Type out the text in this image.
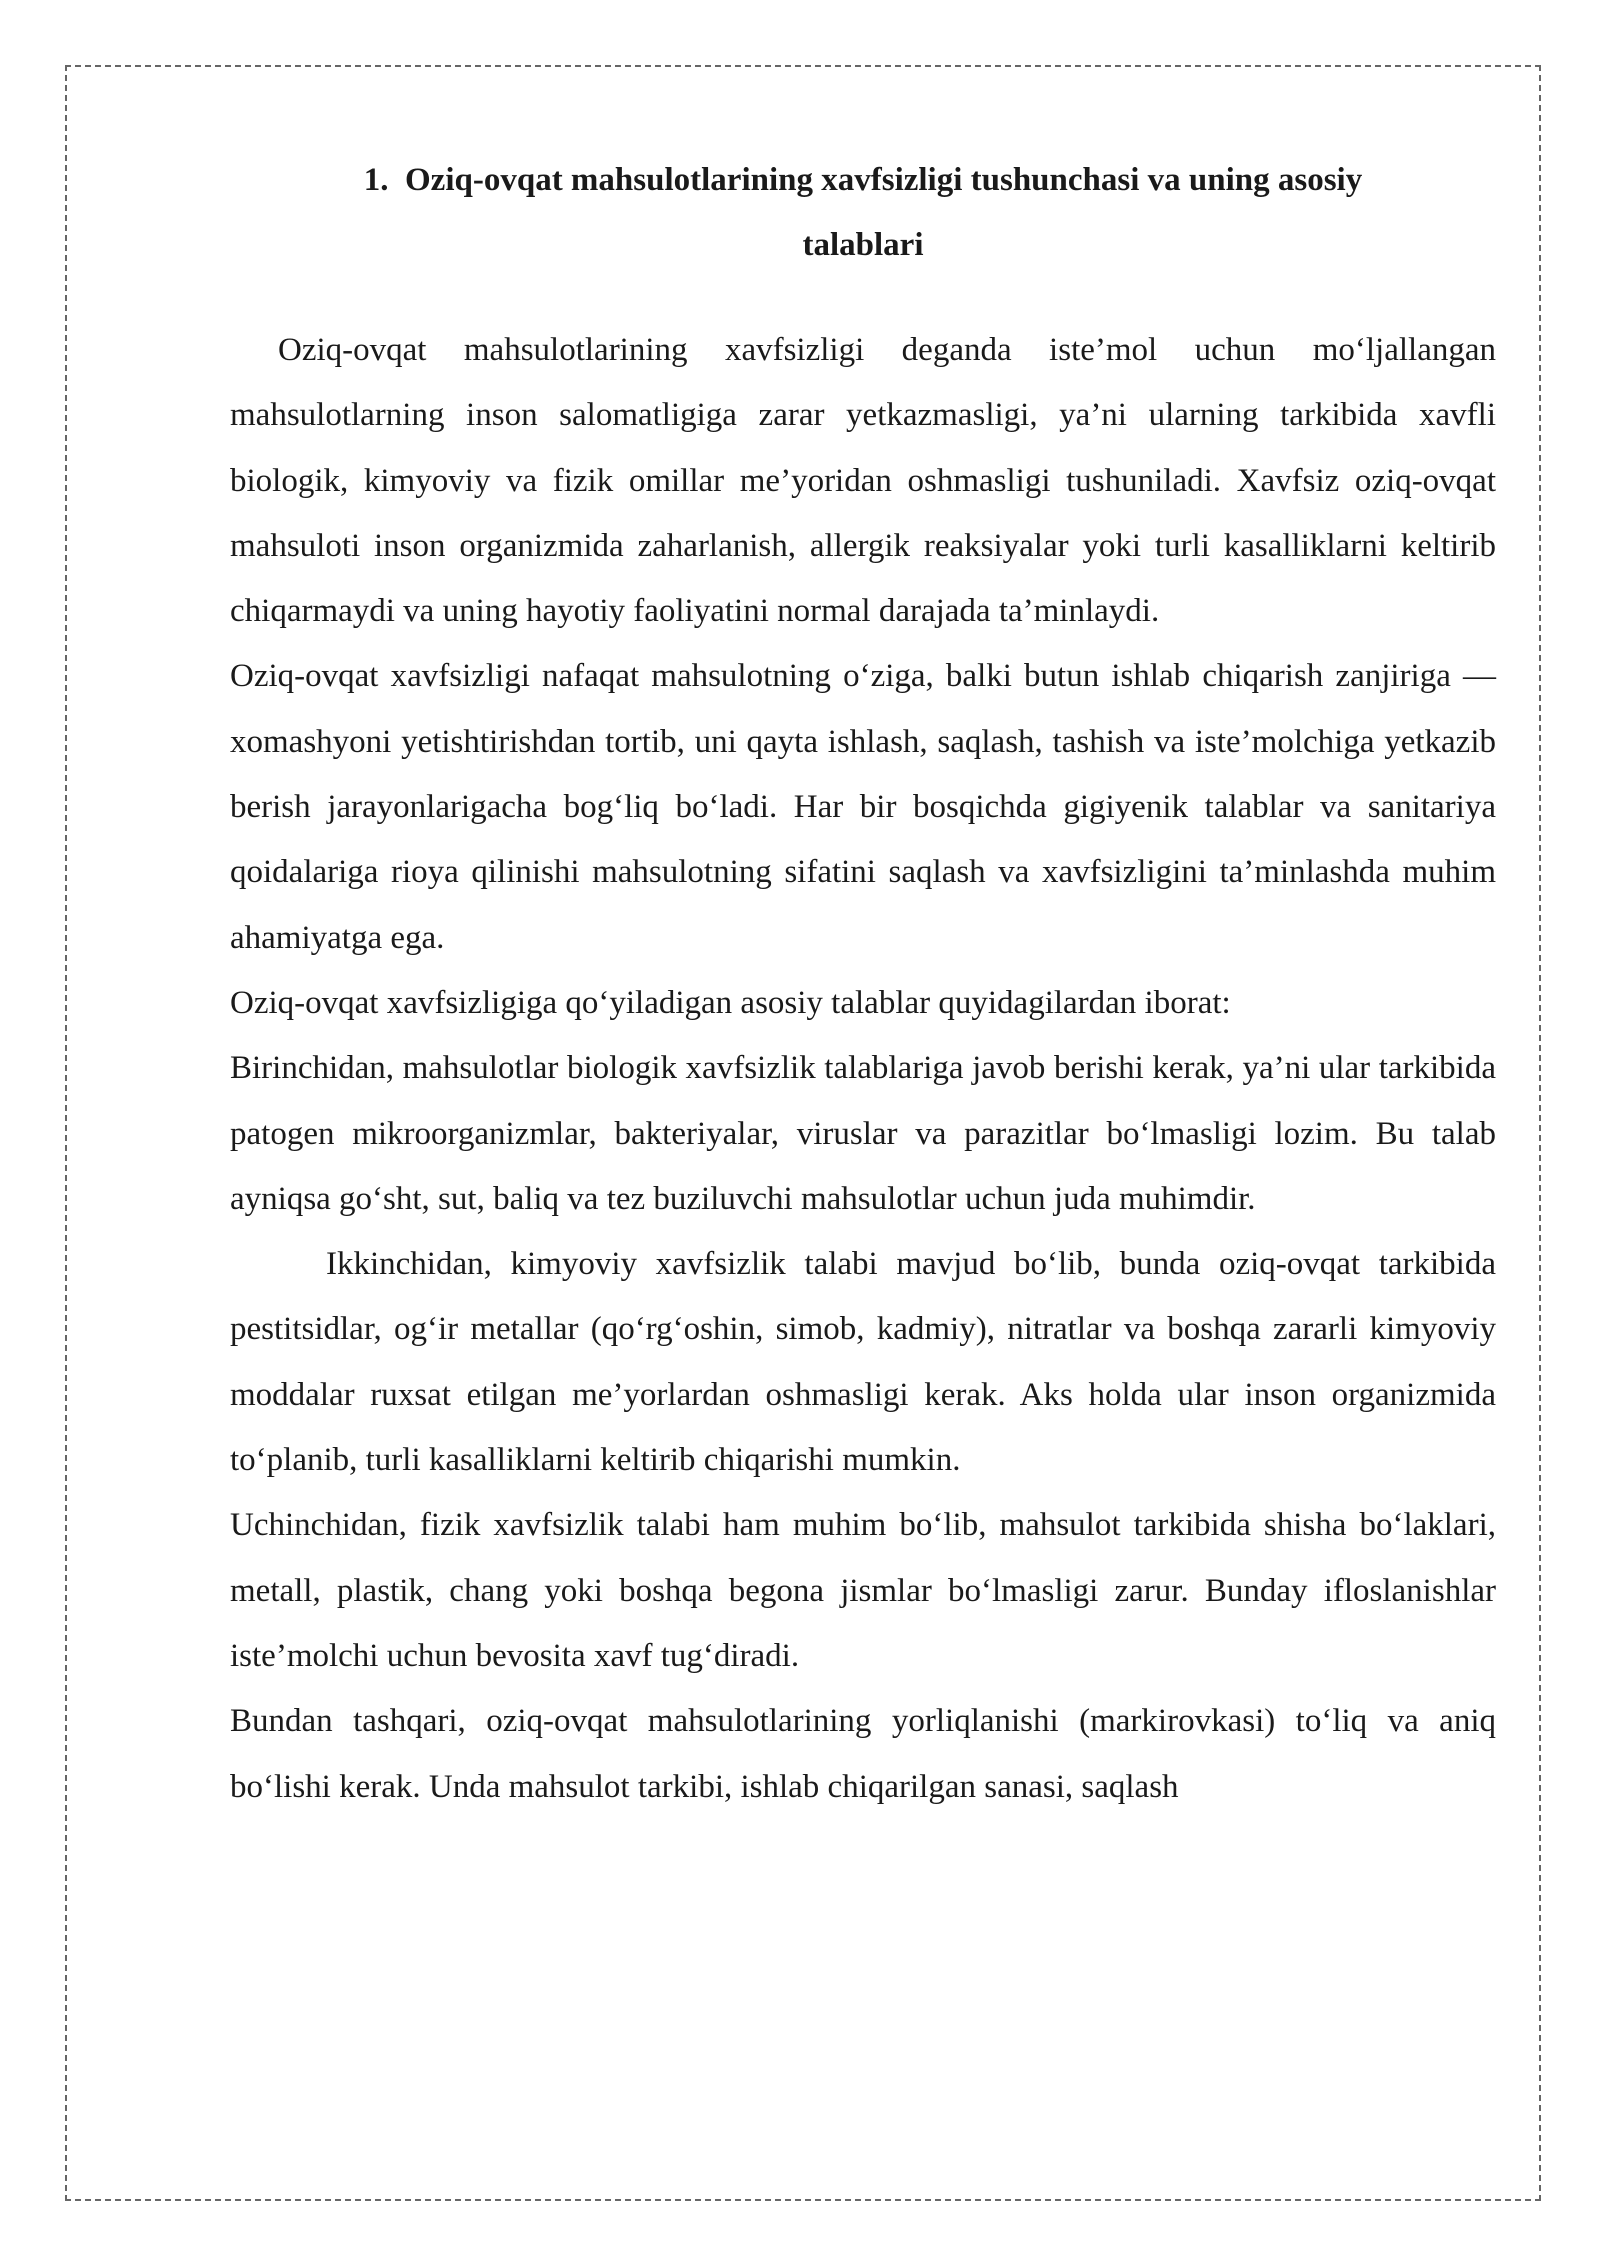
1. Oziq-ovqat mahsulotlarining xavfsizligi tushunchasi va uning asosiy
talablari

Oziq-ovqat mahsulotlarining xavfsizligi deganda iste’mol uchun mo‘ljallangan mahsulotlarning inson salomatligiga zarar yetkazmasligi, ya’ni ularning tarkibida xavfli biologik, kimyoviy va fizik omillar me’yoridan oshmasligi tushuniladi. Xavfsiz oziq-ovqat mahsuloti inson organizmida zaharlanish, allergik reaksiyalar yoki turli kasalliklarni keltirib chiqarmaydi va uning hayotiy faoliyatini normal darajada ta’minlaydi.

Oziq-ovqat xavfsizligi nafaqat mahsulotning o‘ziga, balki butun ishlab chiqarish zanjiriga — xomashyoni yetishtirishdan tortib, uni qayta ishlash, saqlash, tashish va iste’molchiga yetkazib berish jarayonlarigacha bog‘liq bo‘ladi. Har bir bosqichda gigiyenik talablar va sanitariya qoidalariga rioya qilinishi mahsulotning sifatini saqlash va xavfsizligini ta’minlashda muhim ahamiyatga ega.

Oziq-ovqat xavfsizligiga qo‘yiladigan asosiy talablar quyidagilardan iborat:

Birinchidan, mahsulotlar biologik xavfsizlik talablariga javob berishi kerak, ya’ni ular tarkibida patogen mikroorganizmlar, bakteriyalar, viruslar va parazitlar bo‘lmasligi lozim. Bu talab ayniqsa go‘sht, sut, baliq va tez buziluvchi mahsulotlar uchun juda muhimdir.

Ikkinchidan, kimyoviy xavfsizlik talabi mavjud bo‘lib, bunda oziq-ovqat tarkibida pestitsidlar, og‘ir metallar (qo‘rg‘oshin, simob, kadmiy), nitratlar va boshqa zararli kimyoviy moddalar ruxsat etilgan me’yorlardan oshmasligi kerak. Aks holda ular inson organizmida to‘planib, turli kasalliklarni keltirib chiqarishi mumkin.

Uchinchidan, fizik xavfsizlik talabi ham muhim bo‘lib, mahsulot tarkibida shisha bo‘laklari, metall, plastik, chang yoki boshqa begona jismlar bo‘lmasligi zarur. Bunday ifloslanishlar iste’molchi uchun bevosita xavf tug‘diradi.

Bundan tashqari, oziq-ovqat mahsulotlarining yorliqlanishi (markirovkasi) to‘liq va aniq bo‘lishi kerak. Unda mahsulot tarkibi, ishlab chiqarilgan sanasi, saqlash
